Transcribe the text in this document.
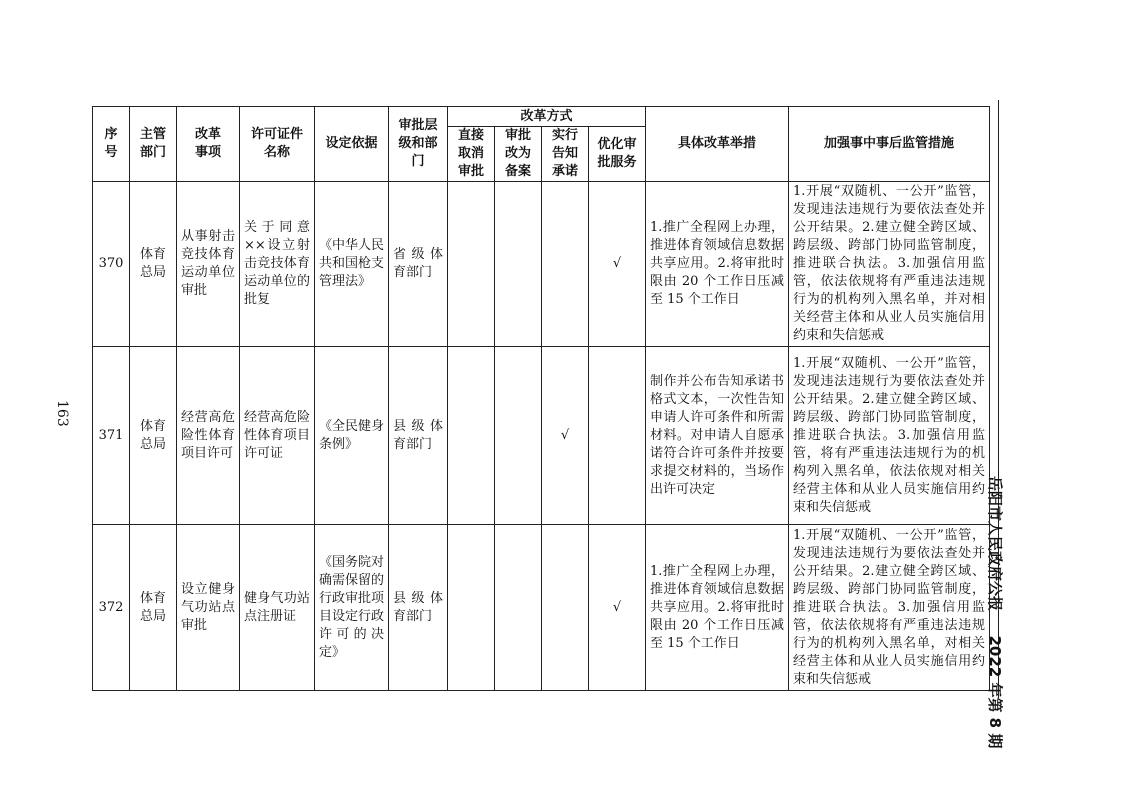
163
岳阳市人民政府公报  2022 年第 8 期
序
号
主管
部门
改革
事项
许可证件
名称
设定依据
审批层
级和部
门
改革方式
直接
取消
审批
审批
改为
备案
实行
告知
承诺
优化审
批服务
具体改革举措	加强事中事后监管措施
370
体育
总局
从事射击竞技体育运动单位审批
关于同意××设立射击竞技体育运动单位的批复
《中华人民共和国枪支管理法》
省级体育部门
√
1.推广全程网上办理，推进体育领域信息数据共享应用。2.将审批时限由 20 个工作日压减至 15 个工作日
1.开展“双随机、一公开”监管，发现违法违规行为要依法查处并公开结果。2.建立健全跨区域、跨层级、跨部门协同监管制度，推进联合执法。3.加强信用监管，依法依规将有严重违法违规行为的机构列入黑名单，并对相关经营主体和从业人员实施信用约束和失信惩戒
371
体育
总局
经营高危险性体育项目许可
经营高危险性体育项目许可证
《全民健身条例》
县级体育部门
√
制作并公布告知承诺书格式文本，一次性告知申请人许可条件和所需材料。对申请人自愿承诺符合许可条件并按要求提交材料的，当场作出许可决定
1.开展“双随机、一公开”监管，发现违法违规行为要依法查处并公开结果。2.建立健全跨区域、跨层级、跨部门协同监管制度，推进联合执法。3.加强信用监管，将有严重违法违规行为的机构列入黑名单，依法依规对相关经营主体和从业人员实施信用约束和失信惩戒
372
体育
总局
设立健身气功站点审批
健身气功站点注册证
《国务院对确需保留的行政审批项目设定行政许可的决定》
县级体育部门
√
1.推广全程网上办理，推进体育领域信息数据共享应用。2.将审批时限由 20 个工作日压减至 15 个工作日
1.开展“双随机、一公开”监管，发现违法违规行为要依法查处并公开结果。2.建立健全跨区域、跨层级、跨部门协同监管制度，推进联合执法。3.加强信用监管，依法依规将有严重违法违规行为的机构列入黑名单，对相关经营主体和从业人员实施信用约束和失信惩戒
